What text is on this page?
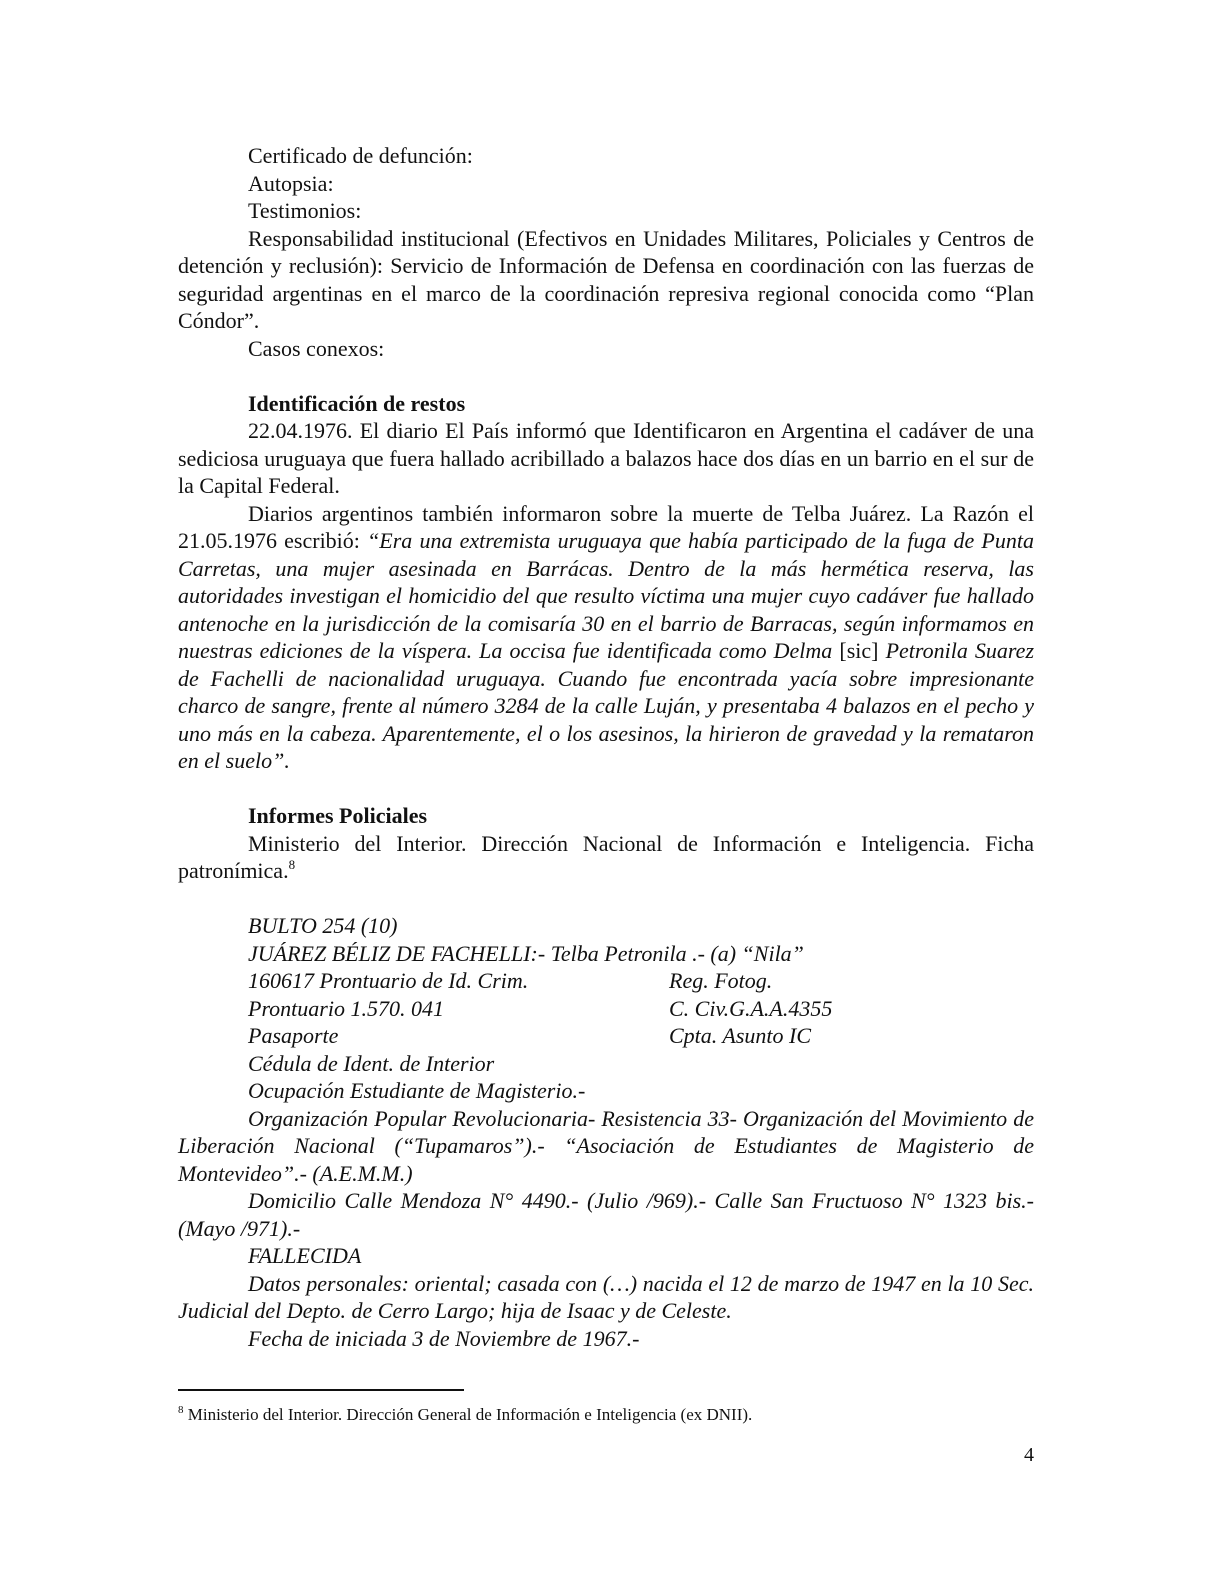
Certificado de defunción:

Autopsia:

Testimonios:

Responsabilidad institucional (Efectivos en Unidades Militares, Policiales y Centros de detención y reclusión): Servicio de Información de Defensa en coordinación con las fuerzas de seguridad argentinas en el marco de la coordinación represiva regional conocida como “Plan Cóndor”.

Casos conexos:

Identificación de restos

22.04.1976. El diario El País informó que Identificaron en Argentina el cadáver de una sediciosa uruguaya que fuera hallado acribillado a balazos hace dos días en un barrio en el sur de la Capital Federal.

Diarios argentinos también informaron sobre la muerte de Telba Juárez. La Razón el 21.05.1976 escribió: “Era una extremista uruguaya que había participado de la fuga de Punta Carretas, una mujer asesinada en Barrácas. Dentro de la más hermética reserva, las autoridades investigan el homicidio del que resulto víctima una mujer cuyo cadáver fue hallado antenoche en la jurisdicción de la comisaría 30 en el barrio de Barracas, según informamos en nuestras ediciones de la víspera. La occisa fue identificada como Delma [sic] Petronila Suarez de Fachelli de nacionalidad uruguaya. Cuando fue encontrada yacía sobre impresionante charco de sangre, frente al número 3284 de la calle Luján, y presentaba 4 balazos en el pecho y uno más en la cabeza. Aparentemente, el o los asesinos, la hirieron de gravedad y la remataron en el suelo”.

Informes Policiales

Ministerio del Interior. Dirección Nacional de Información e Inteligencia. Ficha patronímica.$^8$

BULTO 254 (10)

JUÁREZ BÉLIZ DE FACHELLI:- Telba Petronila .- (a) “Nila”

160617 Prontuario de Id. Crim.	Reg. Fotog.
Prontuario 1.570. 041	C. Civ.G.A.A.4355
Pasaporte	Cpta. Asunto IC

Cédula de Ident. de Interior

Ocupación Estudiante de Magisterio.-

Organización Popular Revolucionaria- Resistencia 33- Organización del Movimiento de Liberación Nacional (“Tupamaros”).- “Asociación de Estudiantes de Magisterio de Montevideo”.- (A.E.M.M.)

Domicilio Calle Mendoza N° 4490.- (Julio /969).- Calle San Fructuoso N° 1323 bis.- (Mayo /971).-

FALLECIDA

Datos personales: oriental; casada con (…) nacida el 12 de marzo de 1947 en la 10 Sec. Judicial del Depto. de Cerro Largo; hija de Isaac y de Celeste.

Fecha de iniciada 3 de Noviembre de 1967.-

$^8$ Ministerio del Interior. Dirección General de Información e Inteligencia (ex DNII).
4
